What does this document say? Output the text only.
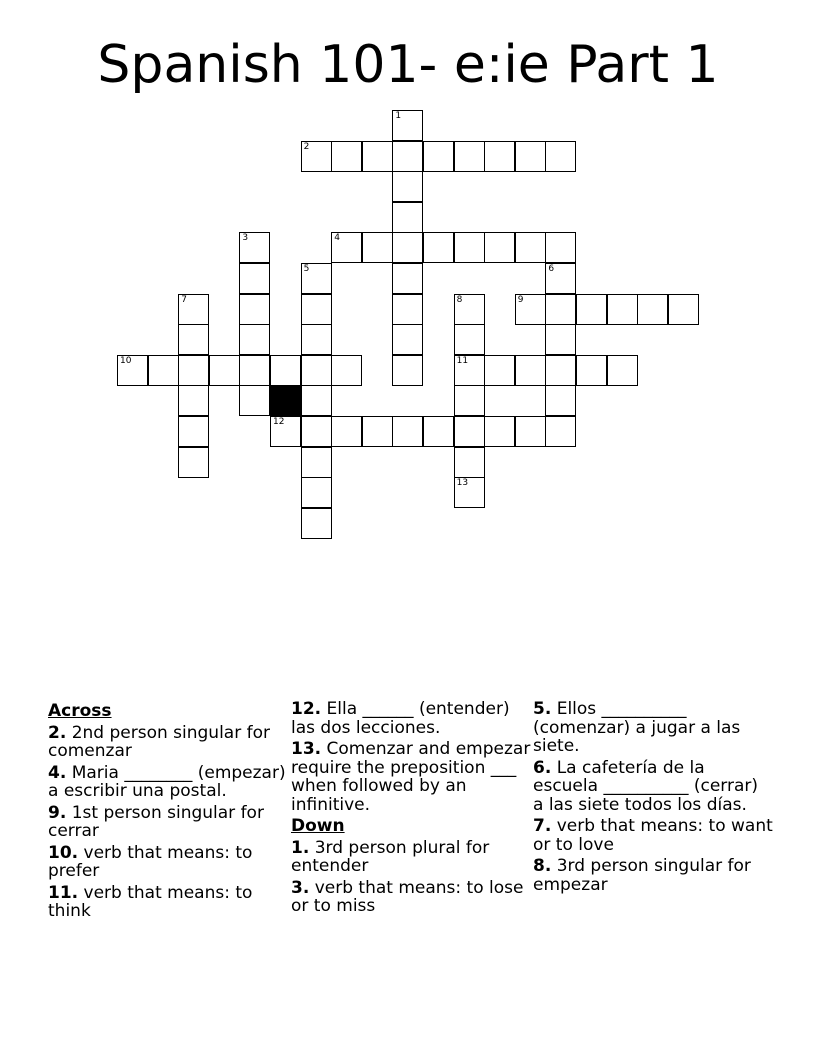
Spanish 101- e:ie Part 1
1
2
3	4
5	6
7	8	9
10	11
12
13
Across
2. 2nd person singular for comenzar
4. Maria ________ (empezar) a escribir una postal.
9. 1st person singular for cerrar
10. verb that means: to prefer
11. verb that means: to think
12. Ella ______ (entender) las dos lecciones.
13. Comenzar and empezar require the preposition ___ when followed by an infinitive.
Down
1. 3rd person plural for entender
3. verb that means: to lose or to miss
5. Ellos __________ (comenzar) a jugar a las siete.
6. La cafetería de la escuela __________ (cerrar) a las siete todos los días.
7. verb that means: to want or to love
8. 3rd person singular for empezar
